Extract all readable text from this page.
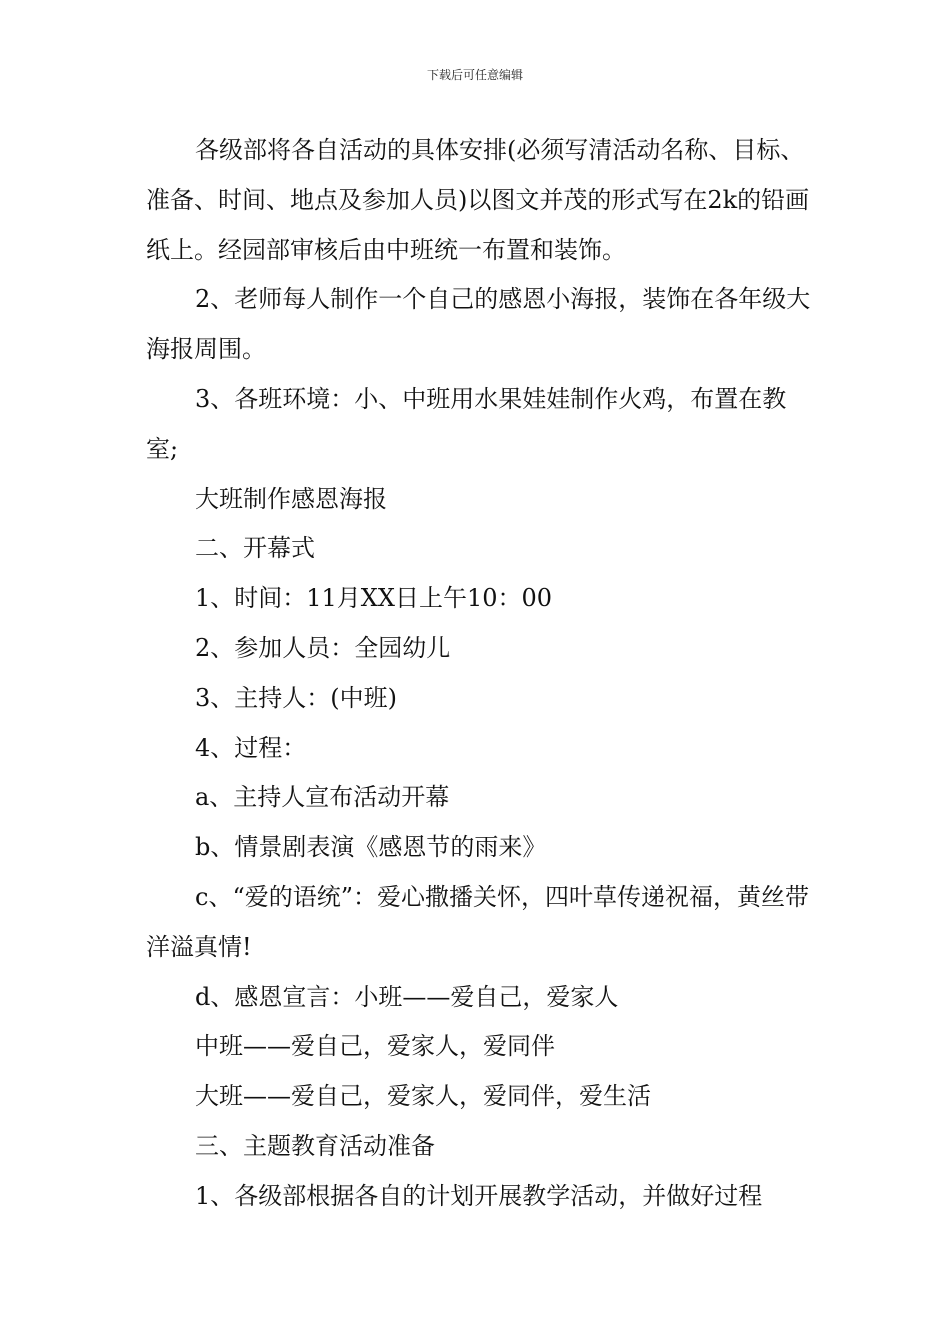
下载后可任意编辑

各级部将各自活动的具体安排(必须写清活动名称、目标、准备、时间、地点及参加人员)以图文并茂的形式写在2k的铅画纸上。经园部审核后由中班统一布置和装饰。

2、老师每人制作一个自己的感恩小海报，装饰在各年级大海报周围。

3、各班环境：小、中班用水果娃娃制作火鸡，布置在教室;

大班制作感恩海报

二、开幕式

1、时间：11月XX日上午10：00

2、参加人员：全园幼儿

3、主持人：(中班)

4、过程：

a、主持人宣布活动开幕

b、情景剧表演《感恩节的雨来》

c、“爱的语统”：爱心撒播关怀，四叶草传递祝福，黄丝带洋溢真情!

d、感恩宣言：小班——爱自己，爱家人

中班——爱自己，爱家人，爱同伴

大班——爱自己，爱家人，爱同伴，爱生活

三、主题教育活动准备

1、各级部根据各自的计划开展教学活动，并做好过程
